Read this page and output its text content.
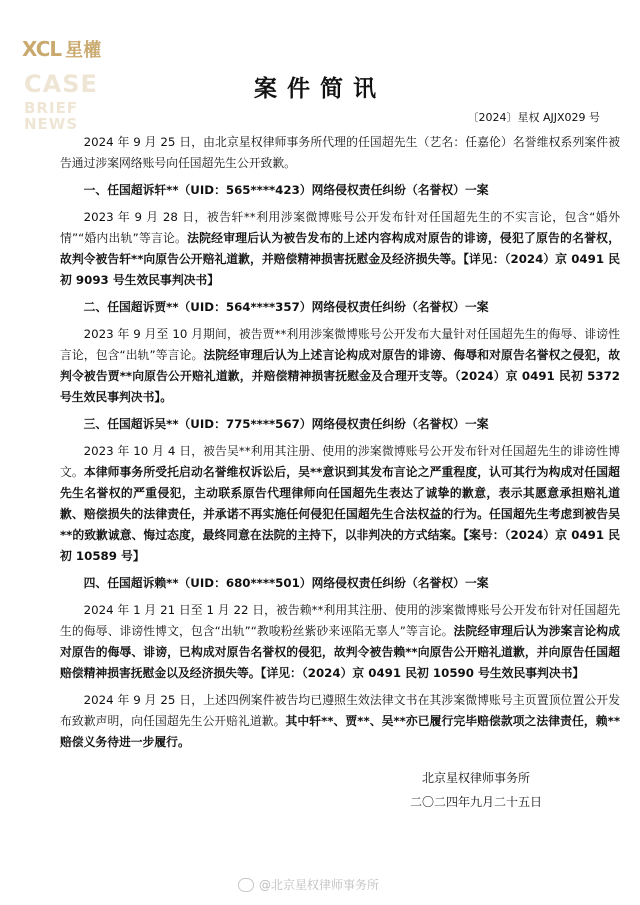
XCL 星權
CASE
BRIEF NEWS
案件简讯
〔2024〕星权 AJJX029 号

2024 年 9 月 25 日，由北京星权律师事务所代理的任国超先生（艺名：任嘉伦）名誉维权系列案件被告通过涉案网络账号向任国超先生公开致歉。

一、任国超诉轩**（UID：565****423）网络侵权责任纠纷（名誉权）一案

2023 年 9 月 28 日，被告轩**利用涉案微博账号公开发布针对任国超先生的不实言论，包含“婚外情”“婚内出轨”等言论。法院经审理后认为被告发布的上述内容构成对原告的诽谤，侵犯了原告的名誉权，故判令被告轩**向原告公开赔礼道歉，并赔偿精神损害抚慰金及经济损失等。【详见：（2024）京 0491 民初 9093 号生效民事判决书】

二、任国超诉贾**（UID：564****357）网络侵权责任纠纷（名誉权）一案

2023 年 9 月至 10 月期间，被告贾**利用涉案微博账号公开发布大量针对任国超先生的侮辱、诽谤性言论，包含“出轨”等言论。法院经审理后认为上述言论构成对原告的诽谤、侮辱和对原告名誉权之侵犯，故判令被告贾**向原告公开赔礼道歉，并赔偿精神损害抚慰金及合理开支等。（2024）京 0491 民初 5372 号生效民事判决书】。

三、任国超诉吴**（UID：775****567）网络侵权责任纠纷（名誉权）一案

2023 年 10 月 4 日，被告吴**利用其注册、使用的涉案微博账号公开发布针对任国超先生的诽谤性博文。本律师事务所受托启动名誉维权诉讼后，吴**意识到其发布言论之严重程度，认可其行为构成对任国超先生名誉权的严重侵犯，主动联系原告代理律师向任国超先生表达了诚挚的歉意，表示其愿意承担赔礼道歉、赔偿损失的法律责任，并承诺不再实施任何侵犯任国超先生合法权益的行为。任国超先生考虑到被告吴**的致歉诚意、悔过态度，最终同意在法院的主持下，以非判决的方式结案。【案号：（2024）京 0491 民初 10589 号】

四、任国超诉赖**（UID：680****501）网络侵权责任纠纷（名誉权）一案

2024 年 1 月 21 日至 1 月 22 日，被告赖**利用其注册、使用的涉案微博账号公开发布针对任国超先生的侮辱、诽谤性博文，包含“出轨”“教唆粉丝紫砂来诬陷无辜人”等言论。法院经审理后认为涉案言论构成对原告的侮辱、诽谤，已构成对原告名誉权的侵犯，故判令被告赖**向原告公开赔礼道歉，并向原告任国超赔偿精神损害抚慰金以及经济损失等。【详见：（2024）京 0491 民初 10590 号生效民事判决书】

2024 年 9 月 25 日，上述四例案件被告均已遵照生效法律文书在其涉案微博账号主页置顶位置公开发布致歉声明，向任国超先生公开赔礼道歉。其中轩**、贾**、吴**亦已履行完毕赔偿款项之法律责任，赖**赔偿义务待进一步履行。

北京星权律师事务所
二〇二四年九月二十五日
@北京星权律师事务所
